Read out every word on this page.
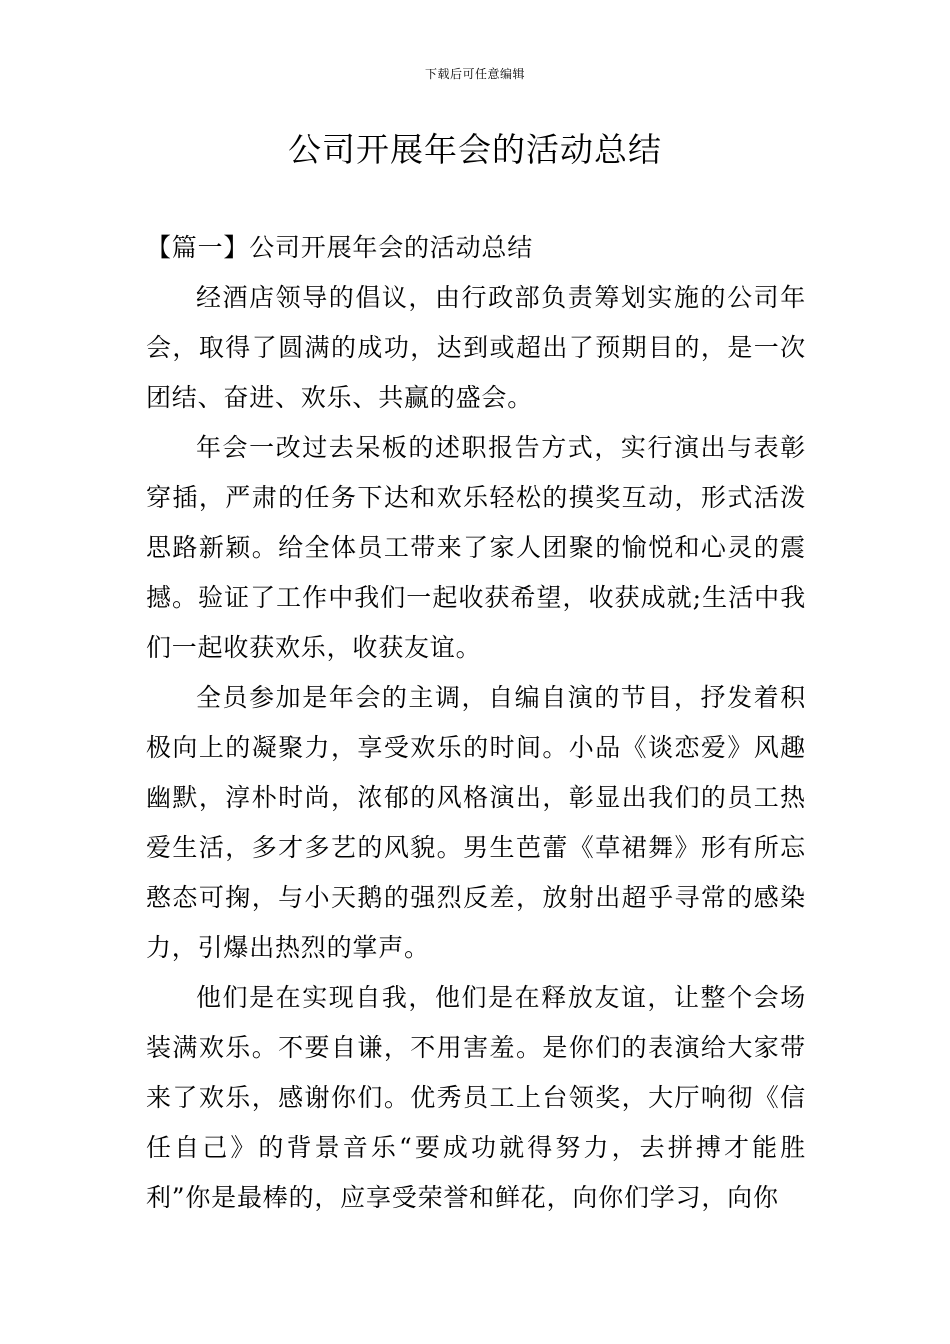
下载后可任意编辑
公司开展年会的活动总结

【篇一】公司开展年会的活动总结

经酒店领导的倡议，由行政部负责筹划实施的公司年会，取得了圆满的成功，达到或超出了预期目的，是一次团结、奋进、欢乐、共赢的盛会。

年会一改过去呆板的述职报告方式，实行演出与表彰穿插，严肃的任务下达和欢乐轻松的摸奖互动，形式活泼思路新颖。给全体员工带来了家人团聚的愉悦和心灵的震撼。验证了工作中我们一起收获希望，收获成就;生活中我们一起收获欢乐，收获友谊。

全员参加是年会的主调，自编自演的节目，抒发着积极向上的凝聚力，享受欢乐的时间。小品《谈恋爱》风趣幽默，淳朴时尚，浓郁的风格演出，彰显出我们的员工热爱生活，多才多艺的风貌。男生芭蕾《草裙舞》形有所忘憨态可掬，与小天鹅的强烈反差，放射出超乎寻常的感染力，引爆出热烈的掌声。

他们是在实现自我，他们是在释放友谊，让整个会场装满欢乐。不要自谦，不用害羞。是你们的表演给大家带来了欢乐，感谢你们。优秀员工上台领奖，大厅响彻《信任自己》的背景音乐“要成功就得努力，去拼搏才能胜利”你是最棒的，应享受荣誉和鲜花，向你们学习，向你
